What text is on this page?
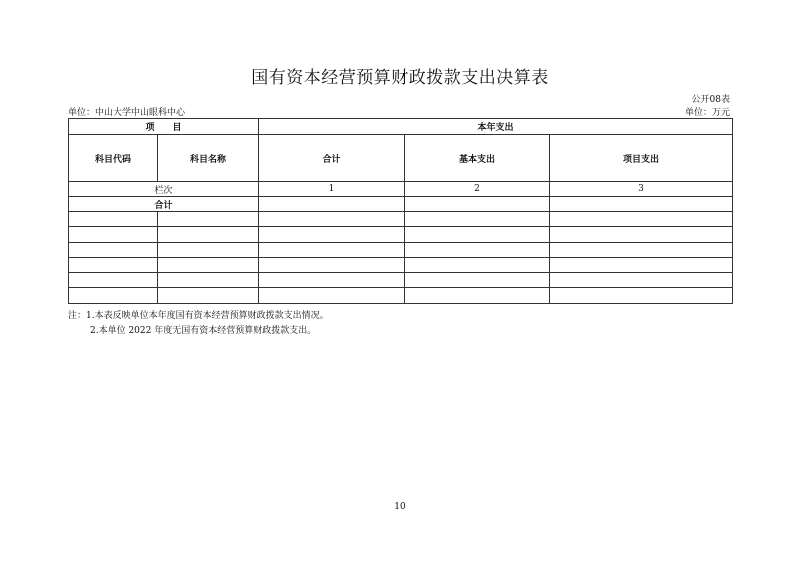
国有资本经营预算财政拨款支出决算表
公开08表
单位：中山大学中山眼科中心	单位：万元
项　　目		本年支出		
科目代码	科目名称	合计	基本支出	项目支出
栏次		1	2	3
合计				

注：1.本表反映单位本年度国有资本经营预算财政拨款支出情况。
2.本单位 2022 年度无国有资本经营预算财政拨款支出。
10
